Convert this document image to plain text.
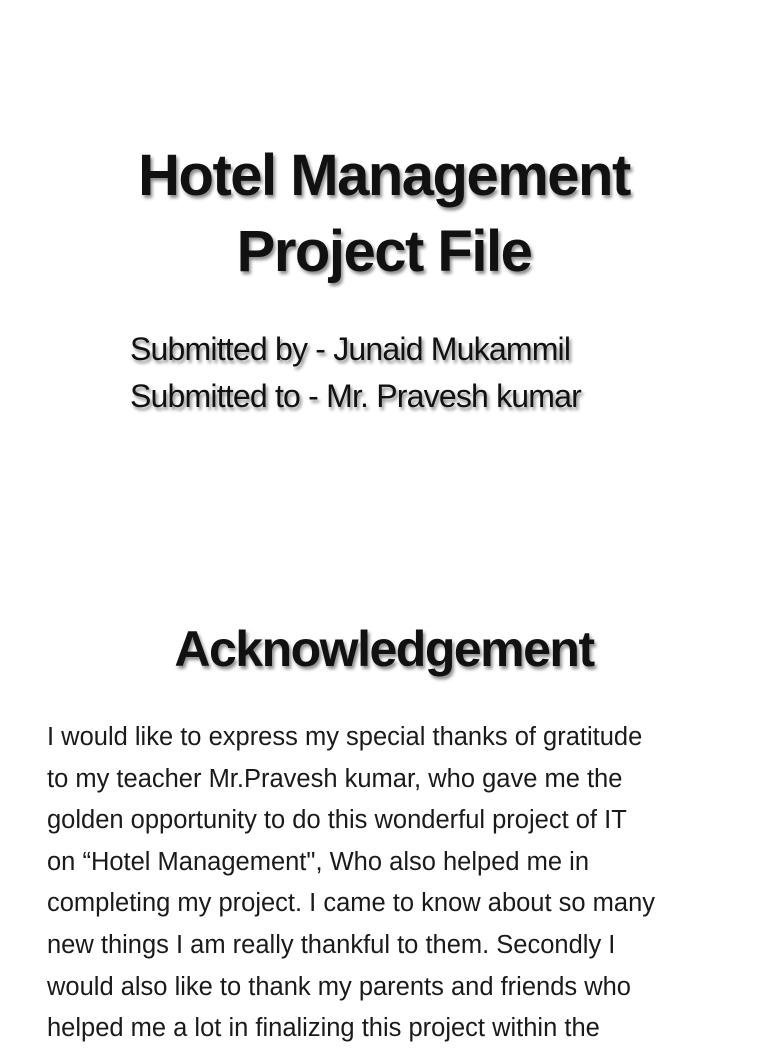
Hotel Management
Project File

Submitted by - Junaid Mukammil

Submitted to - Mr. Pravesh kumar

Acknowledgement
I would like to express my special thanks of gratitude
to my teacher Mr.Pravesh kumar, who gave me the
golden opportunity to do this wonderful project of IT
on “Hotel Management", Who also helped me in
completing my project. I came to know about so many
new things I am really thankful to them. Secondly I
would also like to thank my parents and friends who
helped me a lot in finalizing this project within the
